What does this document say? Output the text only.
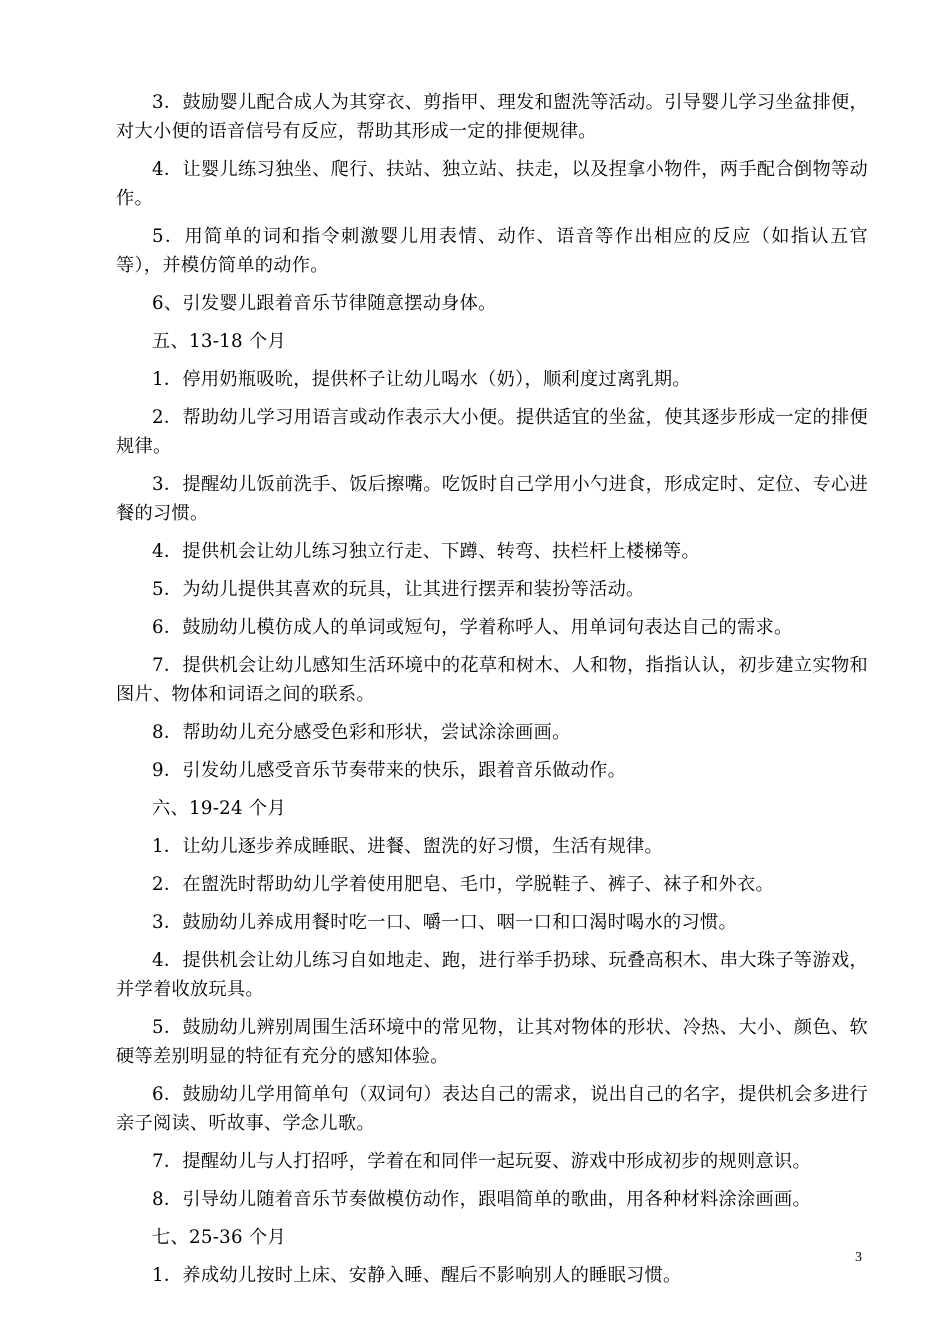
3．鼓励婴儿配合成人为其穿衣、剪指甲、理发和盥洗等活动。引导婴儿学习坐盆排便，对大小便的语音信号有反应，帮助其形成一定的排便规律。

4．让婴儿练习独坐、爬行、扶站、独立站、扶走，以及捏拿小物件，两手配合倒物等动作。

5．用简单的词和指令刺激婴儿用表情、动作、语音等作出相应的反应（如指认五官等），并模仿简单的动作。

6、引发婴儿跟着音乐节律随意摆动身体。

五、13-18 个月

1．停用奶瓶吸吮，提供杯子让幼儿喝水（奶），顺利度过离乳期。

2．帮助幼儿学习用语言或动作表示大小便。提供适宜的坐盆，使其逐步形成一定的排便规律。

3．提醒幼儿饭前洗手、饭后擦嘴。吃饭时自己学用小勺进食，形成定时、定位、专心进餐的习惯。

4．提供机会让幼儿练习独立行走、下蹲、转弯、扶栏杆上楼梯等。

5．为幼儿提供其喜欢的玩具，让其进行摆弄和装扮等活动。

6．鼓励幼儿模仿成人的单词或短句，学着称呼人、用单词句表达自己的需求。

7．提供机会让幼儿感知生活环境中的花草和树木、人和物，指指认认，初步建立实物和图片、物体和词语之间的联系。

8．帮助幼儿充分感受色彩和形状，尝试涂涂画画。

9．引发幼儿感受音乐节奏带来的快乐，跟着音乐做动作。

六、19-24 个月

1．让幼儿逐步养成睡眠、进餐、盥洗的好习惯，生活有规律。

2．在盥洗时帮助幼儿学着使用肥皂、毛巾，学脱鞋子、裤子、袜子和外衣。

3．鼓励幼儿养成用餐时吃一口、嚼一口、咽一口和口渴时喝水的习惯。

4．提供机会让幼儿练习自如地走、跑，进行举手扔球、玩叠高积木、串大珠子等游戏，并学着收放玩具。

5．鼓励幼儿辨别周围生活环境中的常见物，让其对物体的形状、冷热、大小、颜色、软硬等差别明显的特征有充分的感知体验。

6．鼓励幼儿学用简单句（双词句）表达自己的需求，说出自己的名字，提供机会多进行亲子阅读、听故事、学念儿歌。

7．提醒幼儿与人打招呼，学着在和同伴一起玩耍、游戏中形成初步的规则意识。

8．引导幼儿随着音乐节奏做模仿动作，跟唱简单的歌曲，用各种材料涂涂画画。

七、25-36 个月

1．养成幼儿按时上床、安静入睡、醒后不影响别人的睡眠习惯。

3
